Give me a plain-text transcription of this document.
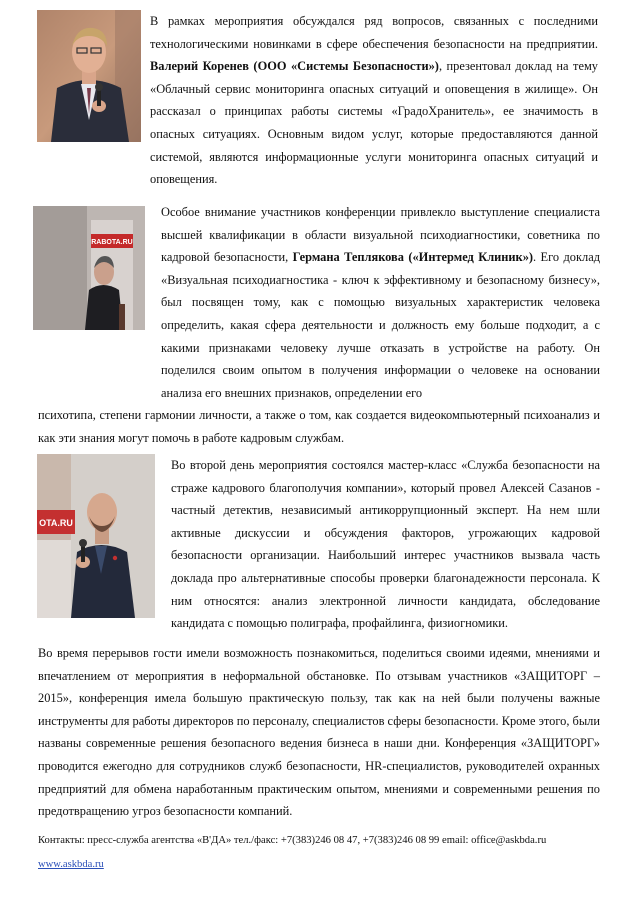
В рамках мероприятия обсуждался ряд вопросов, связанных с последними технологическими новинками в сфере обеспечения безопасности на предприятии. Валерий Коренев (ООО «Системы Безопасности»), презентовал доклад на тему «Облачный сервис мониторинга опасных ситуаций и оповещения в жилище». Он рассказал о принципах работы системы «ГрадоХранитель», ее значимость в опасных ситуациях. Основным видом услуг, которые предоставляются данной системой, являются информационные услуги мониторинга опасных ситуаций и оповещения.
RABOTA.RU
Особое внимание участников конференции привлекло выступление специалиста высшей квалификации в области визуальной психодиагностики, советника по кадровой безопасности, Германа Теплякова («Интермед Клиник»). Его доклад «Визуальная психодиагностика - ключ к эффективному и безопасному бизнесу», был посвящен тому, как с помощью визуальных характеристик человека определить, какая сфера деятельности и должность ему больше подходит, а с какими признаками человеку лучше отказать в устройстве на работу. Он поделился своим опытом в получения информации о человеке на основании анализа его внешних признаков, определении его
психотипа, степени гармонии личности, а также о том, как создается видеокомпьютерный психоанализ и как эти знания могут помочь в работе кадровым службам.
OTA.RU
Во второй день мероприятия состоялся мастер-класс «Служба безопасности на страже кадрового благополучия компании», который провел Алексей Сазанов - частный детектив, независимый антикоррупционный эксперт. На нем шли активные дискуссии и обсуждения факторов, угрожающих кадровой безопасности организации. Наибольший интерес участников вызвала часть доклада про альтернативные способы проверки благонадежности персонала. К ним относятся: анализ электронной личности кандидата, обследование кандидата с помощью полиграфа, профайлинга, физиогномики.
Во время перерывов гости имели возможность познакомиться, поделиться своими идеями, мнениями и впечатлением от мероприятия в неформальной обстановке. По отзывам участников «ЗАЩИТОРГ – 2015», конференция имела большую практическую пользу, так как на ней были получены важные инструменты для работы директоров по персоналу, специалистов сферы безопасности. Кроме этого, были названы современные решения безопасного ведения бизнеса в наши дни. Конференция «ЗАЩИТОРГ» проводится ежегодно для сотрудников служб безопасности, HR-специалистов, руководителей охранных предприятий для обмена наработанным практическим опытом, мнениями и современными решения по предотвращению угроз безопасности компаний.
Контакты: пресс-служба агентства «В'ДА» тел./факс: +7(383)246 08 47, +7(383)246 08 99 email: office@askbda.ru
www.askbda.ru
